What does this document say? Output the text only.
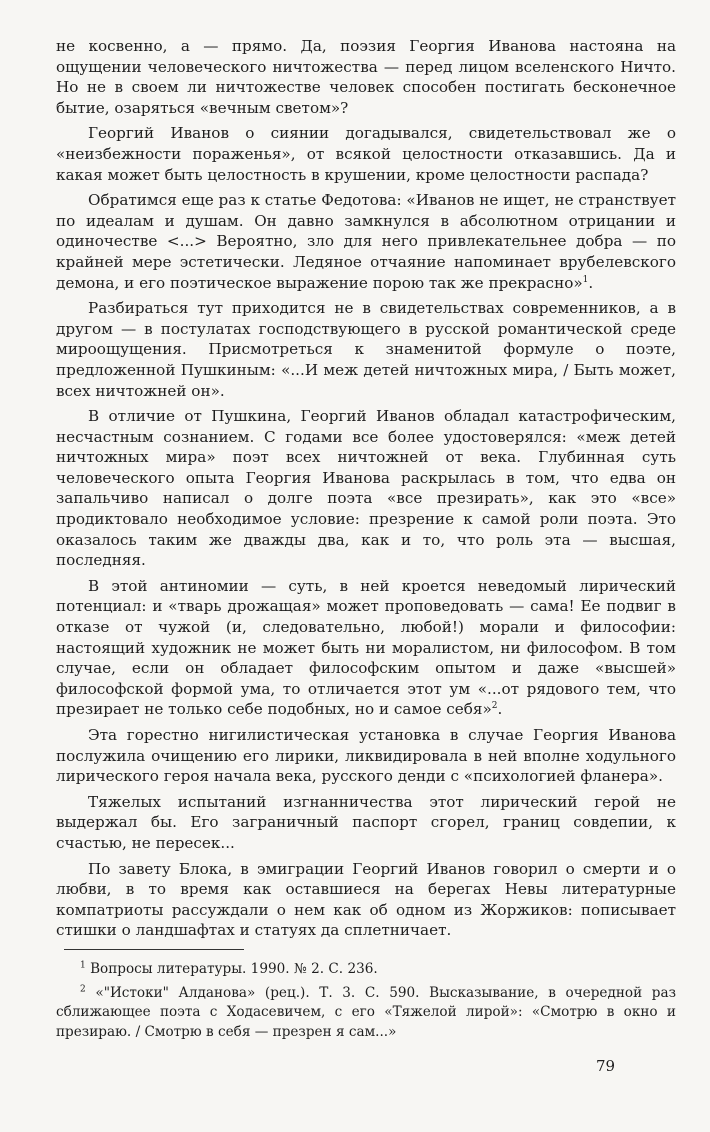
не косвенно, а — прямо. Да, поэзия Георгия Иванова настояна на ощущении человеческого ничтожества — перед лицом вселенского Ничто. Но не в своем ли ничтожестве человек способен постигать бесконечное бытие, озаряться «вечным светом»?

Георгий Иванов о сиянии догадывался, свидетельствовал же о «неизбежности пораженья», от всякой целостности отказавшись. Да и какая может быть целостность в крушении, кроме целостности распада?

Обратимся еще раз к статье Федотова: «Иванов не ищет, не странствует по идеалам и душам. Он давно замкнулся в абсолютном отрицании и одиночестве <...> Вероятно, зло для него привлекательнее добра — по крайней мере эстетически. Ледяное отчаяние напоминает врубелевского демона, и его поэтическое выражение порою так же прекрасно»$^1$.

Разбираться тут приходится не в свидетельствах современников, а в другом — в постулатах господствующего в русской романтической среде мироощущения. Присмотреться к знаменитой формуле о поэте, предложенной Пушкиным: «...И меж детей ничтожных мира, / Быть может, всех ничтожней он».

В отличие от Пушкина, Георгий Иванов обладал катастрофическим, несчастным сознанием. С годами все более удостоверялся: «меж детей ничтожных мира» поэт всех ничтожней от века. Глубинная суть человеческого опыта Георгия Иванова раскрылась в том, что едва он запальчиво написал о долге поэта «все презирать», как это «все» продиктовало необходимое условие: презрение к самой роли поэта. Это оказалось таким же дважды два, как и то, что роль эта — высшая, последняя.

В этой антиномии — суть, в ней кроется неведомый лирический потенциал: и «тварь дрожащая» может проповедовать — сама! Ее подвиг в отказе от чужой (и, следовательно, любой!) морали и философии: настоящий художник не может быть ни моралистом, ни философом. В том случае, если он обладает философским опытом и даже «высшей» философской формой ума, то отличается этот ум «...от рядового тем, что презирает не только себе подобных, но и самое себя»$^2$.

Эта горестно нигилистическая установка в случае Георгия Иванова послужила очищению его лирики, ликвидировала в ней вполне ходульного лирического героя начала века, русского денди с «психологией фланера».

Тяжелых испытаний изгнанничества этот лирический герой не выдержал бы. Его заграничный паспорт сгорел, границ совдепии, к счастью, не пересек...

По завету Блока, в эмиграции Георгий Иванов говорил о смерти и о любви, в то время как оставшиеся на берегах Невы литературные компатриоты рассуждали о нем как об одном из Жоржиков: пописывает стишки о ландшафтах и статуях да сплетничает.

$^1$ Вопросы литературы. 1990. № 2. С. 236.

$^2$ «"Истоки" Алданова» (рец.). Т. 3. С. 590. Высказывание, в очередной раз сближающее поэта с Ходасевичем, с его «Тяжелой лирой»: «Смотрю в окно и презираю. / Смотрю в себя — презрен я сам...»

79
